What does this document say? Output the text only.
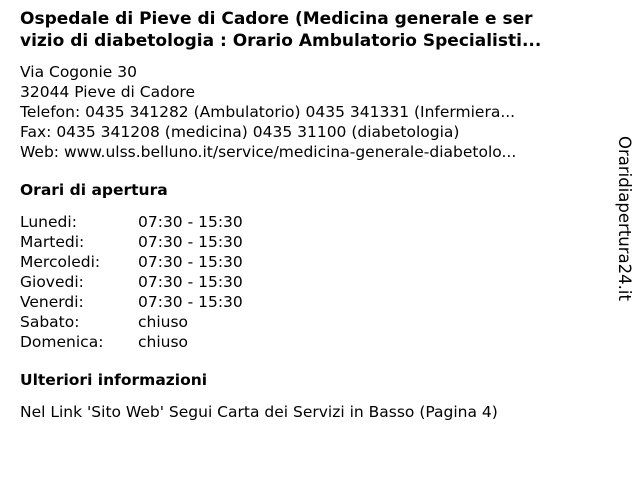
Ospedale di Pieve di Cadore (Medicina generale e ser
vizio di diabetologia : Orario Ambulatorio Specialisti...
Via Cogonie 30
32044 Pieve di Cadore
Telefon: 0435 341282 (Ambulatorio) 0435 341331 (Infermiera...
Fax: 0435 341208 (medicina) 0435 31100 (diabetologia)
Web: www.ulss.belluno.it/service/medicina-generale-diabetolo...
Orari di apertura
Lunedi:	07:30 - 15:30
Martedi:	07:30 - 15:30
Mercoledi:	07:30 - 15:30
Giovedi:	07:30 - 15:30
Venerdi:	07:30 - 15:30
Sabato:	chiuso
Domenica:	chiuso
Ulteriori informazioni
Nel Link 'Sito Web' Segui Carta dei Servizi in Basso (Pagina 4)
Oraridiapertura24.it
